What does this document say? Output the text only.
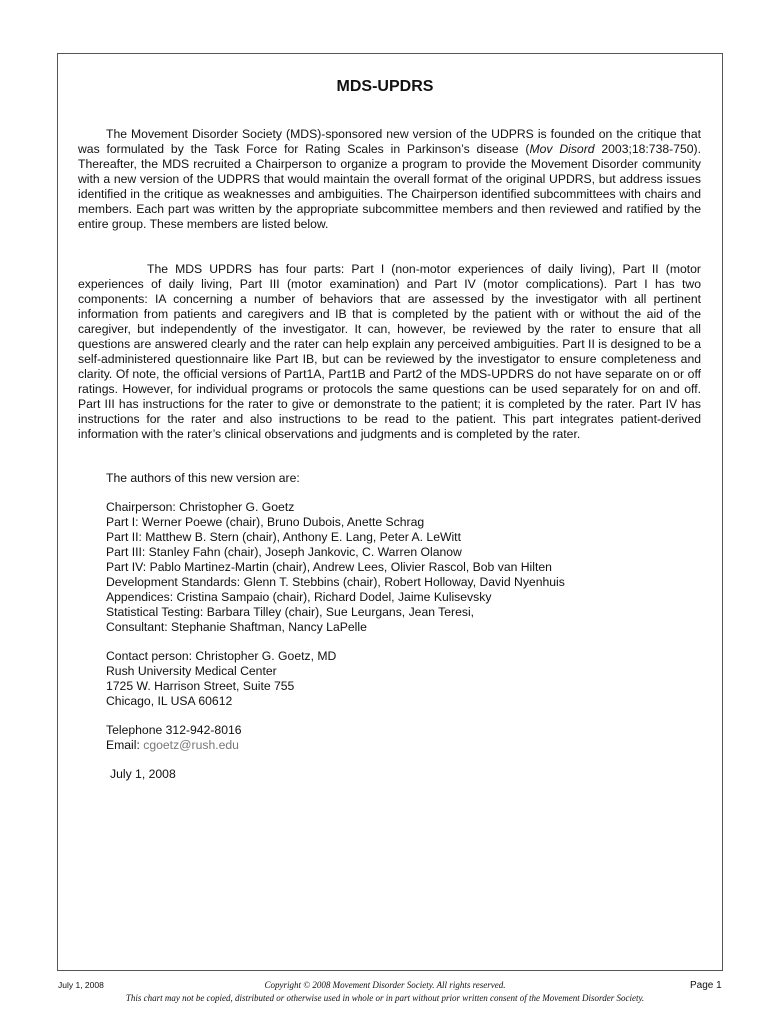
MDS-UPDRS

The Movement Disorder Society (MDS)-sponsored new version of the UDPRS is founded on the critique that was formulated by the Task Force for Rating Scales in Parkinson’s disease (Mov Disord 2003;18:738-750). Thereafter, the MDS recruited a Chairperson to organize a program to provide the Movement Disorder community with a new version of the UDPRS that would maintain the overall format of the original UPDRS, but address issues identified in the critique as weaknesses and ambiguities. The Chairperson identified subcommittees with chairs and members. Each part was written by the appropriate subcommittee members and then reviewed and ratified by the entire group. These members are listed below.

The MDS UPDRS has four parts: Part I (non-motor experiences of daily living), Part II (motor experiences of daily living, Part III (motor examination) and Part IV (motor complications). Part I has two components: IA concerning a number of behaviors that are assessed by the investigator with all pertinent information from patients and caregivers and IB that is completed by the patient with or without the aid of the caregiver, but independently of the investigator. It can, however, be reviewed by the rater to ensure that all questions are answered clearly and the rater can help explain any perceived ambiguities. Part II is designed to be a self-administered questionnaire like Part IB, but can be reviewed by the investigator to ensure completeness and clarity. Of note, the official versions of Part1A, Part1B and Part2 of the MDS-UPDRS do not have separate on or off ratings. However, for individual programs or protocols the same questions can be used separately for on and off. Part III has instructions for the rater to give or demonstrate to the patient; it is completed by the rater. Part IV has instructions for the rater and also instructions to be read to the patient. This part integrates patient-derived information with the rater’s clinical observations and judgments and is completed by the rater.

The authors of this new version are:
Chairperson: Christopher G. Goetz
Part I: Werner Poewe (chair), Bruno Dubois, Anette Schrag
Part II: Matthew B. Stern (chair), Anthony E. Lang, Peter A. LeWitt
Part III: Stanley Fahn (chair), Joseph Jankovic, C. Warren Olanow
Part IV: Pablo Martinez-Martin (chair), Andrew Lees, Olivier Rascol, Bob van Hilten
Development Standards: Glenn T. Stebbins (chair), Robert Holloway, David Nyenhuis
Appendices: Cristina Sampaio (chair), Richard Dodel, Jaime Kulisevsky
Statistical Testing: Barbara Tilley (chair), Sue Leurgans, Jean Teresi,
Consultant: Stephanie Shaftman, Nancy LaPelle
Contact person: Christopher G. Goetz, MD
Rush University Medical Center
1725 W. Harrison Street, Suite 755
Chicago, IL USA 60612
Telephone 312-942-8016
Email: cgoetz@rush.edu
July 1, 2008
July 1, 2008	Copyright © 2008 Movement Disorder Society. All rights reserved.	Page 1
This chart may not be copied, distributed or otherwise used in whole or in part without prior written consent of the Movement Disorder Society.
